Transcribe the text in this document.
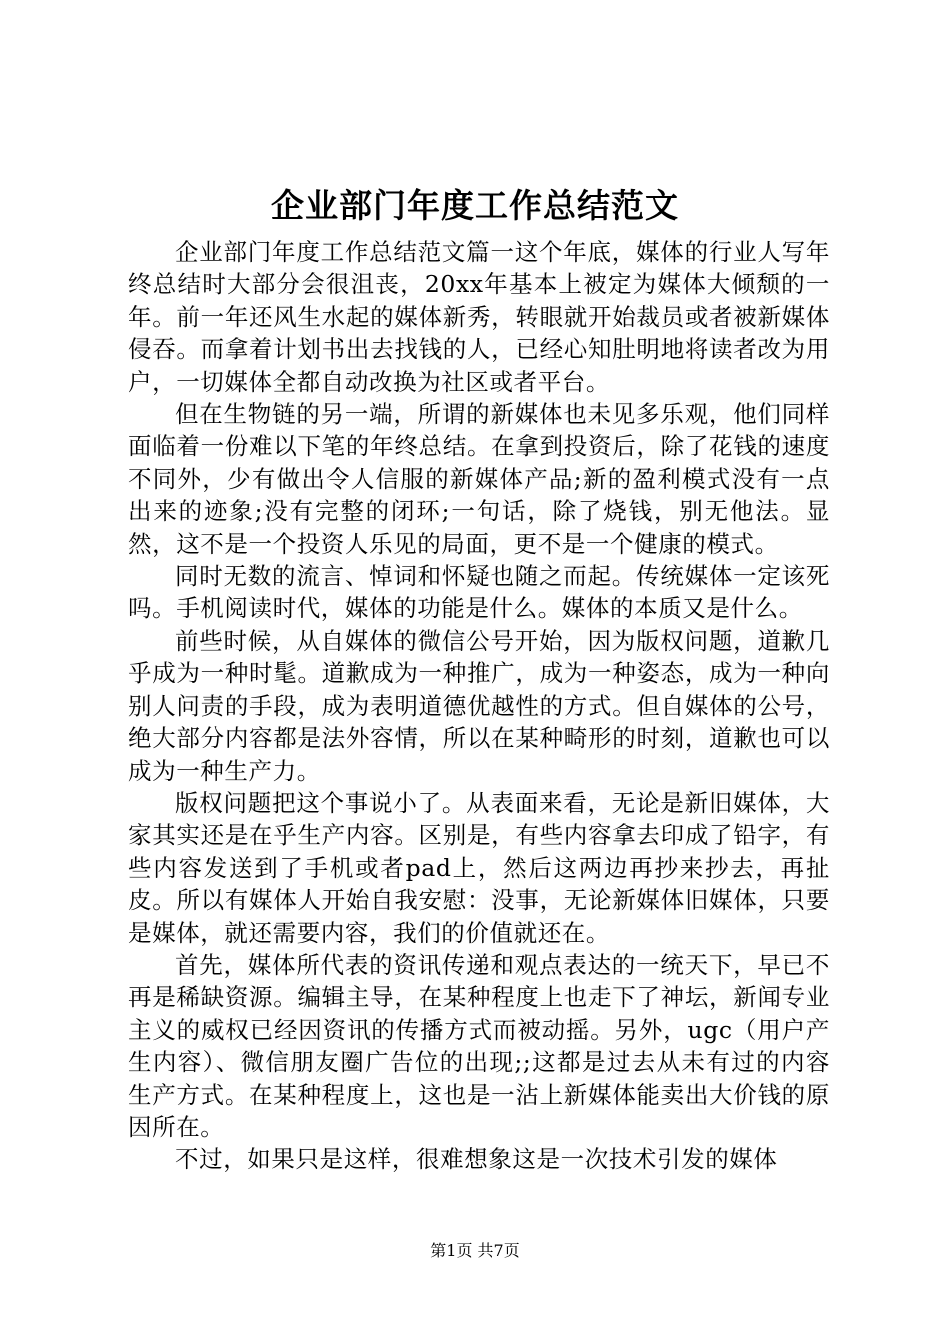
企业部门年度工作总结范文

企业部门年度工作总结范文篇一这个年底，媒体的行业人写年终总结时大部分会很沮丧，20xx年基本上被定为媒体大倾颓的一年。前一年还风生水起的媒体新秀，转眼就开始裁员或者被新媒体侵吞。而拿着计划书出去找钱的人，已经心知肚明地将读者改为用户，一切媒体全都自动改换为社区或者平台。

但在生物链的另一端，所谓的新媒体也未见多乐观，他们同样面临着一份难以下笔的年终总结。在拿到投资后，除了花钱的速度不同外，少有做出令人信服的新媒体产品;新的盈利模式没有一点出来的迹象;没有完整的闭环;一句话，除了烧钱，别无他法。显然，这不是一个投资人乐见的局面，更不是一个健康的模式。

同时无数的流言、悼词和怀疑也随之而起。传统媒体一定该死吗。手机阅读时代，媒体的功能是什么。媒体的本质又是什么。

前些时候，从自媒体的微信公号开始，因为版权问题，道歉几乎成为一种时髦。道歉成为一种推广，成为一种姿态，成为一种向别人问责的手段，成为表明道德优越性的方式。但自媒体的公号，绝大部分内容都是法外容情，所以在某种畸形的时刻，道歉也可以成为一种生产力。

版权问题把这个事说小了。从表面来看，无论是新旧媒体，大家其实还是在乎生产内容。区别是，有些内容拿去印成了铅字，有些内容发送到了手机或者pad上，然后这两边再抄来抄去，再扯皮。所以有媒体人开始自我安慰：没事，无论新媒体旧媒体，只要是媒体，就还需要内容，我们的价值就还在。

首先，媒体所代表的资讯传递和观点表达的一统天下，早已不再是稀缺资源。编辑主导，在某种程度上也走下了神坛，新闻专业主义的威权已经因资讯的传播方式而被动摇。另外，ugc（用户产生内容）、微信朋友圈广告位的出现;;这都是过去从未有过的内容生产方式。在某种程度上，这也是一沾上新媒体能卖出大价钱的原因所在。

不过，如果只是这样，很难想象这是一次技术引发的媒体

第1页 共7页
